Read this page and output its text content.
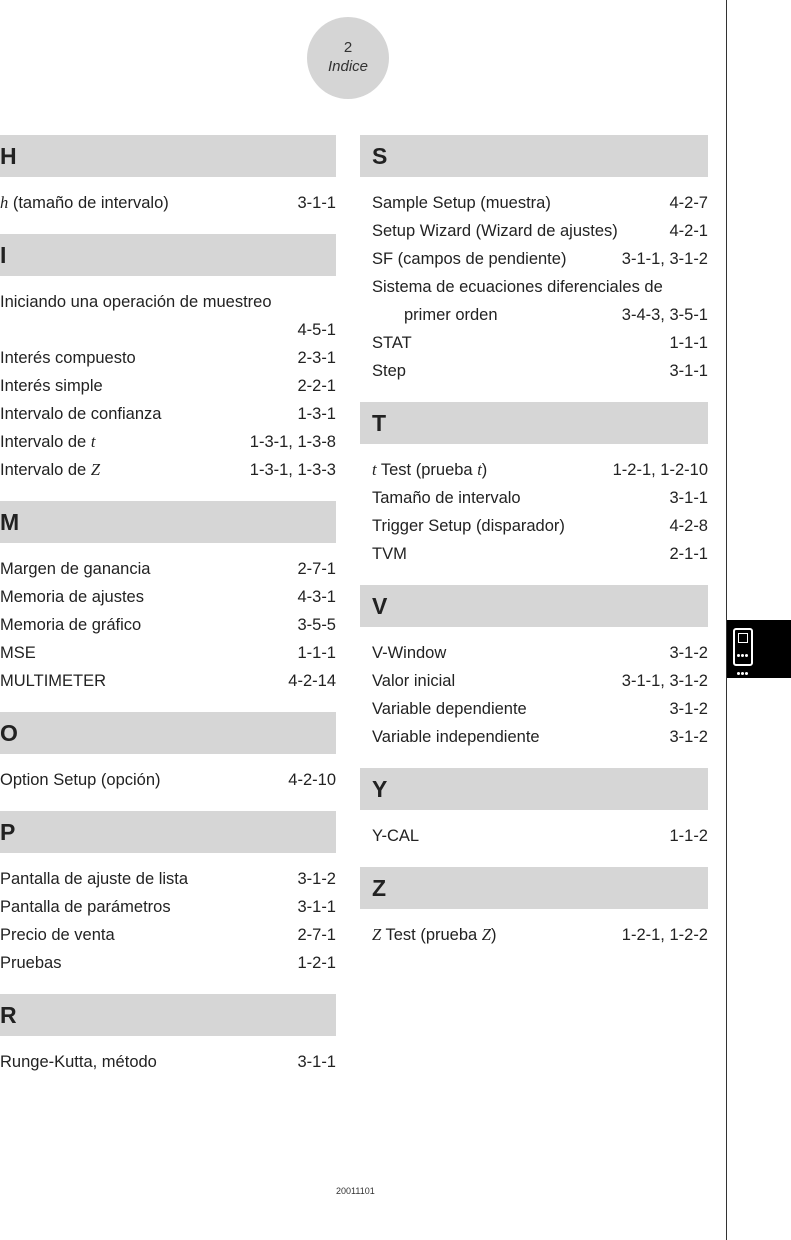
2
Indice
H
h (tamaño de intervalo)	3-1-1
I
Iniciando una operación de muestreo
4-5-1
Interés compuesto	2-3-1
Interés simple	2-2-1
Intervalo de confianza	1-3-1
Intervalo de t	1-3-1, 1-3-8
Intervalo de Z	1-3-1, 1-3-3
M
Margen de ganancia	2-7-1
Memoria de ajustes	4-3-1
Memoria de gráfico	3-5-5
MSE	1-1-1
MULTIMETER	4-2-14
O
Option Setup (opción)	4-2-10
P
Pantalla de ajuste de lista	3-1-2
Pantalla de parámetros	3-1-1
Precio de venta	2-7-1
Pruebas	1-2-1
R
Runge-Kutta, método	3-1-1
S
Sample Setup (muestra)	4-2-7
Setup Wizard (Wizard de ajustes)	4-2-1
SF (campos de pendiente)	3-1-1, 3-1-2
Sistema de ecuaciones diferenciales de
primer orden	3-4-3, 3-5-1
STAT	1-1-1
Step	3-1-1
T
t Test (prueba t)	1-2-1, 1-2-10
Tamaño de intervalo	3-1-1
Trigger Setup (disparador)	4-2-8
TVM	2-1-1
V
V-Window	3-1-2
Valor inicial	3-1-1, 3-1-2
Variable dependiente	3-1-2
Variable independiente	3-1-2
Y
Y-CAL	1-1-2
Z
Z Test (prueba Z)	1-2-1, 1-2-2
20011101
